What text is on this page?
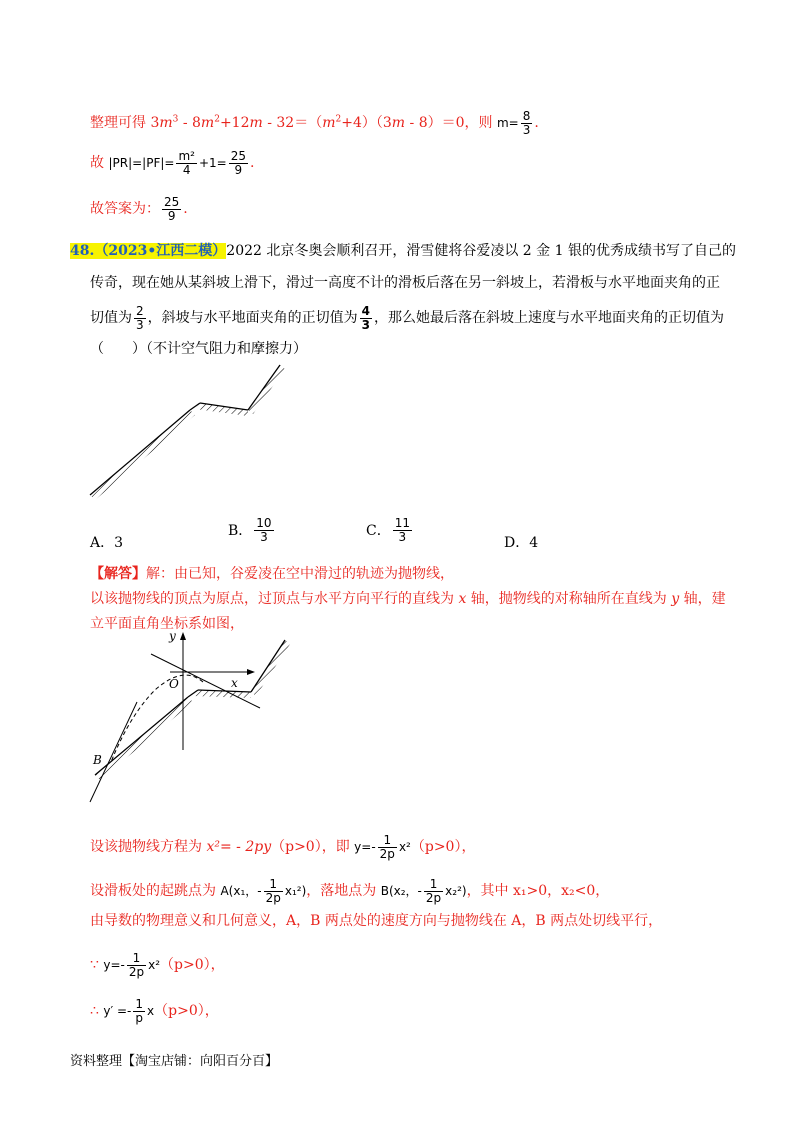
整理可得 $3m^3 - 8m^2+12m - 32=(m^2+4)(3m - 8)=0$，则 $m= \frac{8}{3}$ .
故 $|PR|=|PF|= \frac{\text{m²}}{4} +1= \frac{25}{9}$ .
故答案为： $\frac{25}{9}$ .
48.（2023•江西二模）2022 北京冬奥会顺利召开，滑雪健将谷爱凌以 2 金 1 银的优秀成绩书写了自己的
传奇，现在她从某斜坡上滑下，滑过一高度不计的滑板后落在另一斜坡上，若滑板与水平地面夹角的正
切值为 $\frac{2}{3}$ ，斜坡与水平地面夹角的正切值为 $\frac{4}{3}$ ，那么她最后落在斜坡上速度与水平地面夹角的正切值为
（　　）（不计空气阻力和摩擦力）
A．3
B． $\frac{10}{3}$	C． $\frac{11}{3}$	D．4
【解答】解：由已知，谷爱凌在空中滑过的轨迹为抛物线，
以该抛物线的顶点为原点，过顶点与水平方向平行的直线为 x 轴，抛物线的对称轴所在直线为 y 轴，建
立平面直角坐标系如图，
y
x
O
B
设该抛物线方程为 x²= - 2py（p>0），即 $y=- \frac{1}{2p} x^2(p>0)$，
设滑板处的起跳点为 A(x₁，- $\frac{1}{2p} x_1^2$)，落地点为 B(x₂，- $\frac{1}{2p} x_2^2$)，其中 x₁>0，x₂<0，
由导数的物理意义和几何意义，A，B 两点处的速度方向与抛物线在 A，B 两点处切线平行，
∵ $y=- \frac{1}{2p} x^2(p>0)$，
∴ $y' =- \frac{1}{p} x(p>0)$，
资料整理【淘宝店铺：向阳百分百】
